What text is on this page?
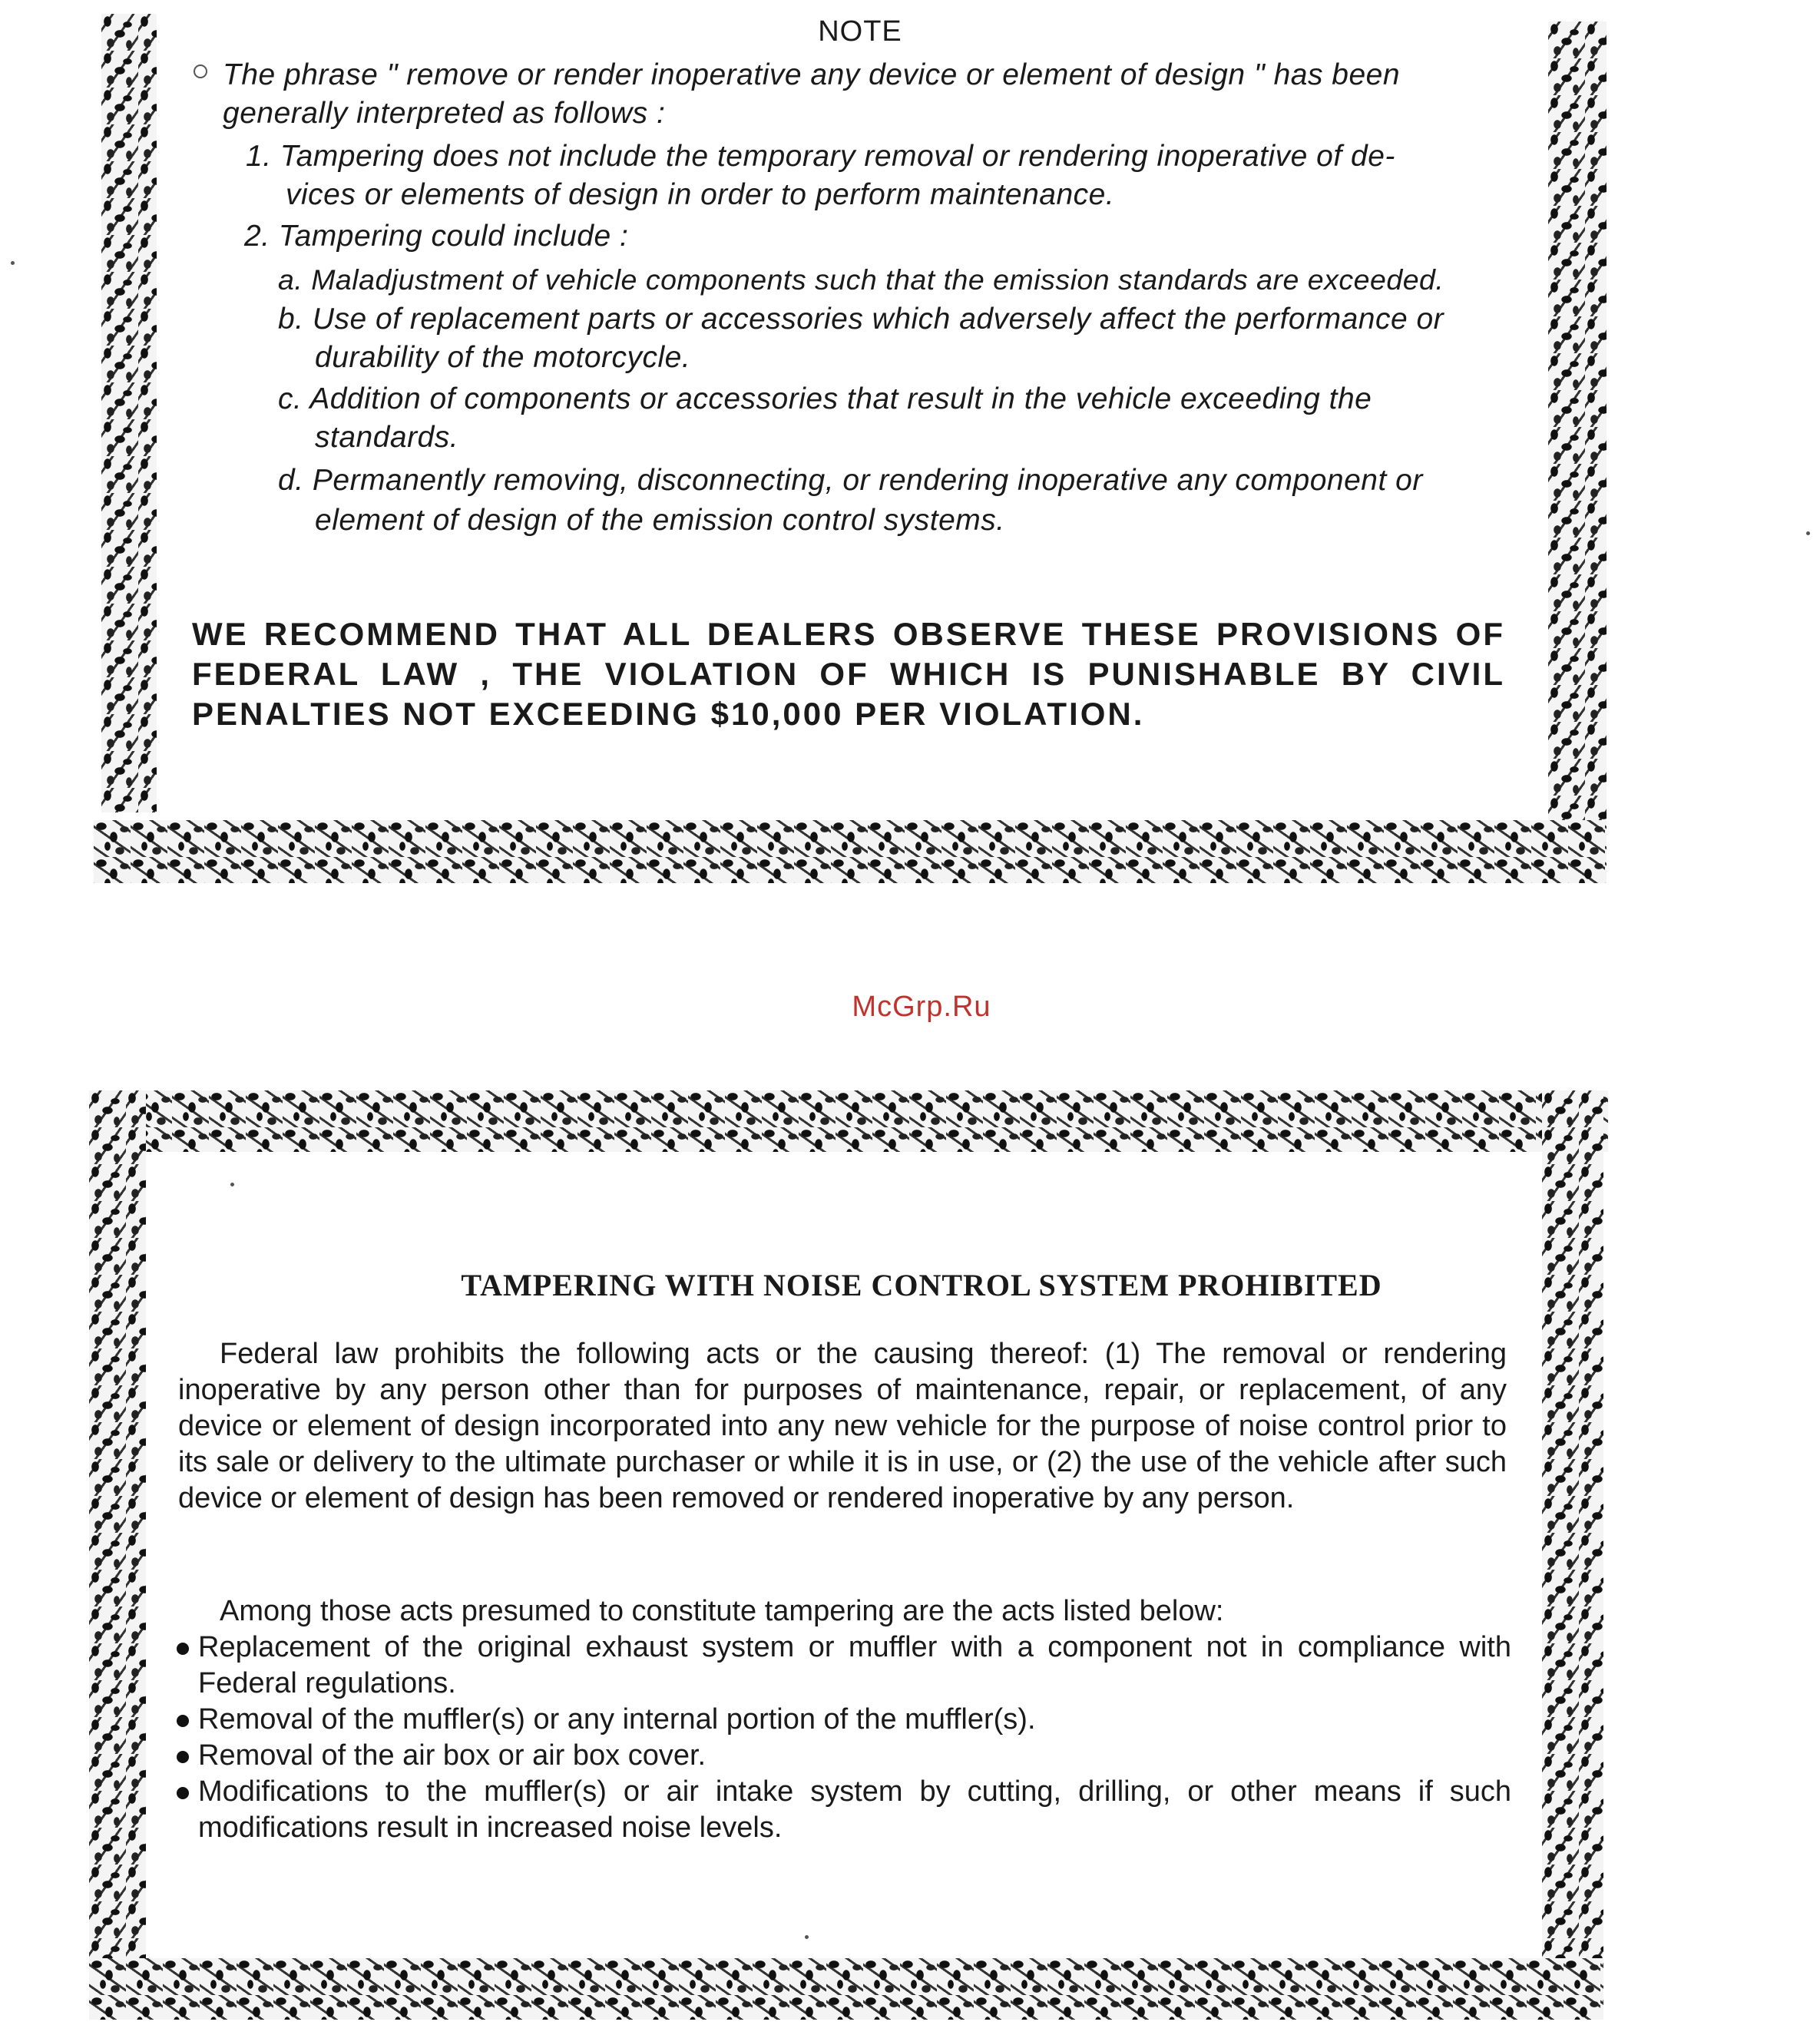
NOTE
The phrase " remove or render inoperative any device or element of design " has been
generally interpreted as follows :
1. Tampering does not include the temporary removal or rendering inoperative of de-
vices or elements of design in order to perform maintenance.
2. Tampering could include :
a. Maladjustment of vehicle components such that the emission standards are exceeded.
b. Use of replacement parts or accessories which adversely affect the performance or
durability of the motorcycle.
c. Addition of components or accessories that result in the vehicle exceeding the
standards.
d. Permanently removing, disconnecting, or rendering inoperative any component or
element of design of the emission control systems.
WE RECOMMEND THAT ALL DEALERS OBSERVE THESE PROVISIONS OF FEDERAL LAW , THE VIOLATION OF WHICH IS PUNISHABLE BY CIVIL PENALTIES NOT EXCEEDING $10,000 PER VIOLATION.
McGrp.Ru
TAMPERING WITH NOISE CONTROL SYSTEM PROHIBITED
Federal law prohibits the following acts or the causing thereof: (1) The removal or rendering inoperative by any person other than for purposes of maintenance, repair, or replacement, of any device or element of design incorporated into any new vehicle for the purpose of noise control prior to its sale or delivery to the ultimate purchaser or while it is in use, or (2) the use of the vehicle after such device or element of design has been removed or rendered inoperative by any person.
Among those acts presumed to constitute tampering are the acts listed below:
Replacement of the original exhaust system or muffler with a component not in compliance with Federal regulations.
Removal of the muffler(s) or any internal portion of the muffler(s).
Removal of the air box or air box cover.
Modifications to the muffler(s) or air intake system by cutting, drilling, or other means if such modifications result in increased noise levels.
